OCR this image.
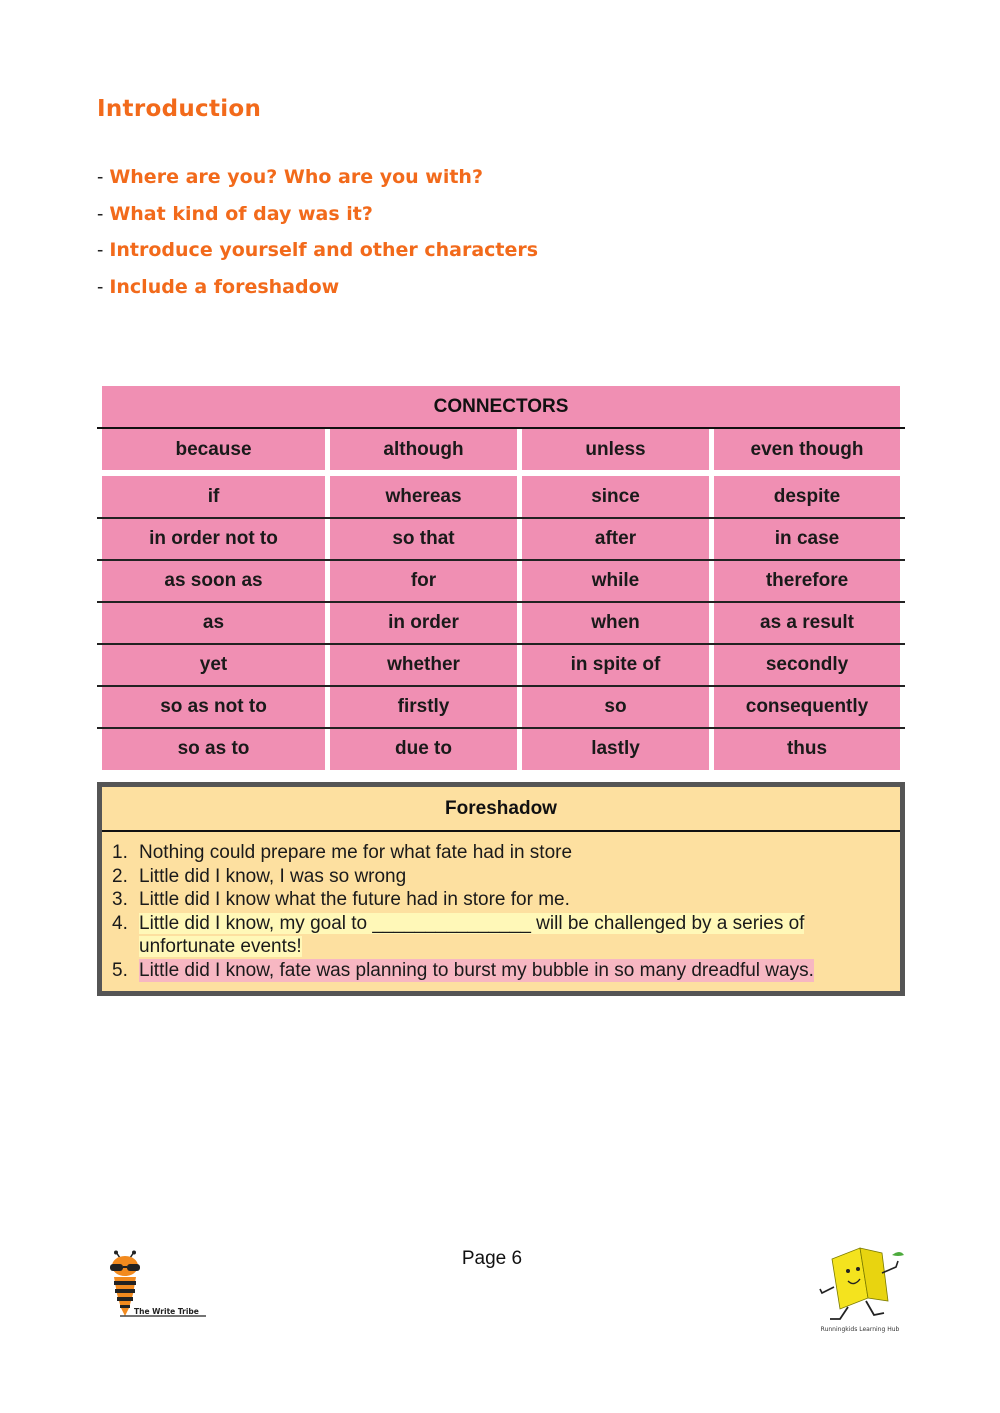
Introduction
- Where are you? Who are you with?
- What kind of day was it?
- Introduce yourself and other characters
- Include a foreshadow
CONNECTORS
because	although	unless	even though
if	whereas	since	despite
in order not to	so that	after	in case
as soon as	for	while	therefore
as	in order	when	as a result
yet	whether	in spite of	secondly
so as not to	firstly	so	consequently
so as to	due to	lastly	thus
Foreshadow
1. Nothing could prepare me for what fate had in store
2. Little did I know, I was so wrong
3. Little did I know what the future had in store for me.
4. Little did I know, my goal to _______________ will be challenged by a series of
unfortunate events!
5. Little did I know, fate was planning to burst my bubble in so many dreadful ways.
Page 6
The Write Tribe
Runningkids Learning Hub
